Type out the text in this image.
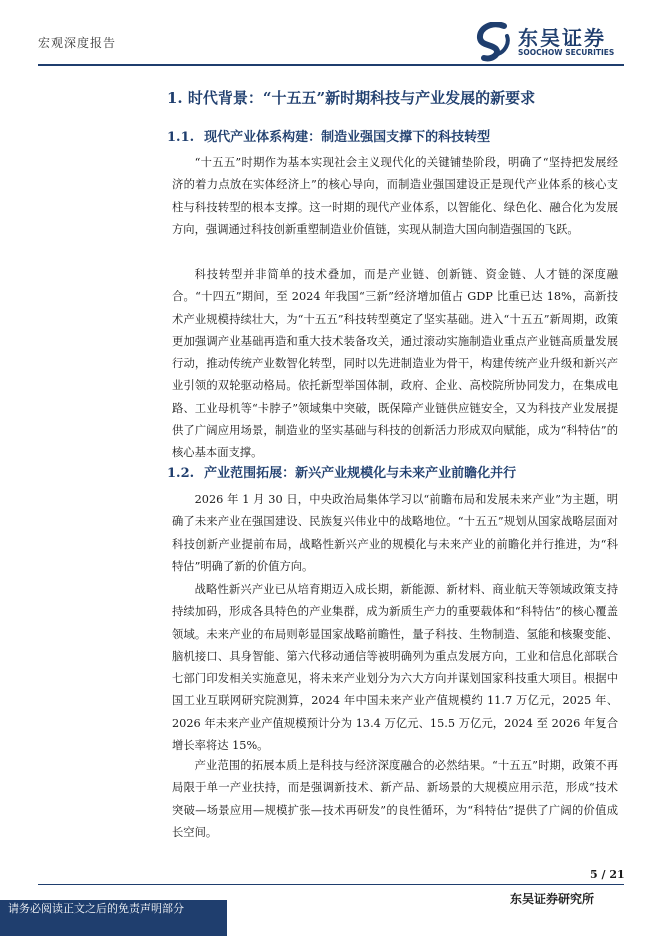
宏观深度报告	东吴证券
SOOCHOW SECURITIES
1. 时代背景：“十五五”新时期科技与产业发展的新要求
1.1. 现代产业体系构建：制造业强国支撑下的科技转型

“十五五”时期作为基本实现社会主义现代化的关键铺垫阶段，明确了“坚持把发展经济的着力点放在实体经济上”的核心导向，而制造业强国建设正是现代产业体系的核心支柱与科技转型的根本支撑。这一时期的现代产业体系，以智能化、绿色化、融合化为发展方向，强调通过科技创新重塑制造业价值链，实现从制造大国向制造强国的飞跃。

科技转型并非简单的技术叠加，而是产业链、创新链、资金链、人才链的深度融合。“十四五”期间，至 2024 年我国“三新”经济增加值占 GDP 比重已达 18%，高新技术产业规模持续壮大，为“十五五”科技转型奠定了坚实基础。进入“十五五”新周期，政策更加强调产业基础再造和重大技术装备攻关，通过滚动实施制造业重点产业链高质量发展行动，推动传统产业数智化转型，同时以先进制造业为骨干，构建传统产业升级和新兴产业引领的双轮驱动格局。依托新型举国体制，政府、企业、高校院所协同发力，在集成电路、工业母机等“卡脖子”领域集中突破，既保障产业链供应链安全，又为科技产业发展提供了广阔应用场景，制造业的坚实基础与科技的创新活力形成双向赋能，成为“科特估”的核心基本面支撑。

1.2. 产业范围拓展：新兴产业规模化与未来产业前瞻化并行

2026 年 1 月 30 日，中央政治局集体学习以“前瞻布局和发展未来产业”为主题，明确了未来产业在强国建设、民族复兴伟业中的战略地位。“十五五”规划从国家战略层面对科技创新产业提前布局，战略性新兴产业的规模化与未来产业的前瞻化并行推进，为“科特估”明确了新的价值方向。

战略性新兴产业已从培育期迈入成长期，新能源、新材料、商业航天等领域政策支持持续加码，形成各具特色的产业集群，成为新质生产力的重要载体和“科特估”的核心覆盖领域。未来产业的布局则彰显国家战略前瞻性，量子科技、生物制造、氢能和核聚变能、脑机接口、具身智能、第六代移动通信等被明确列为重点发展方向，工业和信息化部联合七部门印发相关实施意见，将未来产业划分为六大方向并谋划国家科技重大项目。根据中国工业互联网研究院测算，2024 年中国未来产业产值规模约 11.7 万亿元，2025 年、2026 年未来产业产值规模预计分为 13.4 万亿元、15.5 万亿元，2024 至 2026 年复合增长率将达 15%。

产业范围的拓展本质上是科技与经济深度融合的必然结果。“十五五”时期，政策不再局限于单一产业扶持，而是强调新技术、新产品、新场景的大规模应用示范，形成“技术突破—场景应用—规模扩张—技术再研发”的良性循环，为“科特估”提供了广阔的价值成长空间。

5 / 21
东吴证券研究所
请务必阅读正文之后的免责声明部分
